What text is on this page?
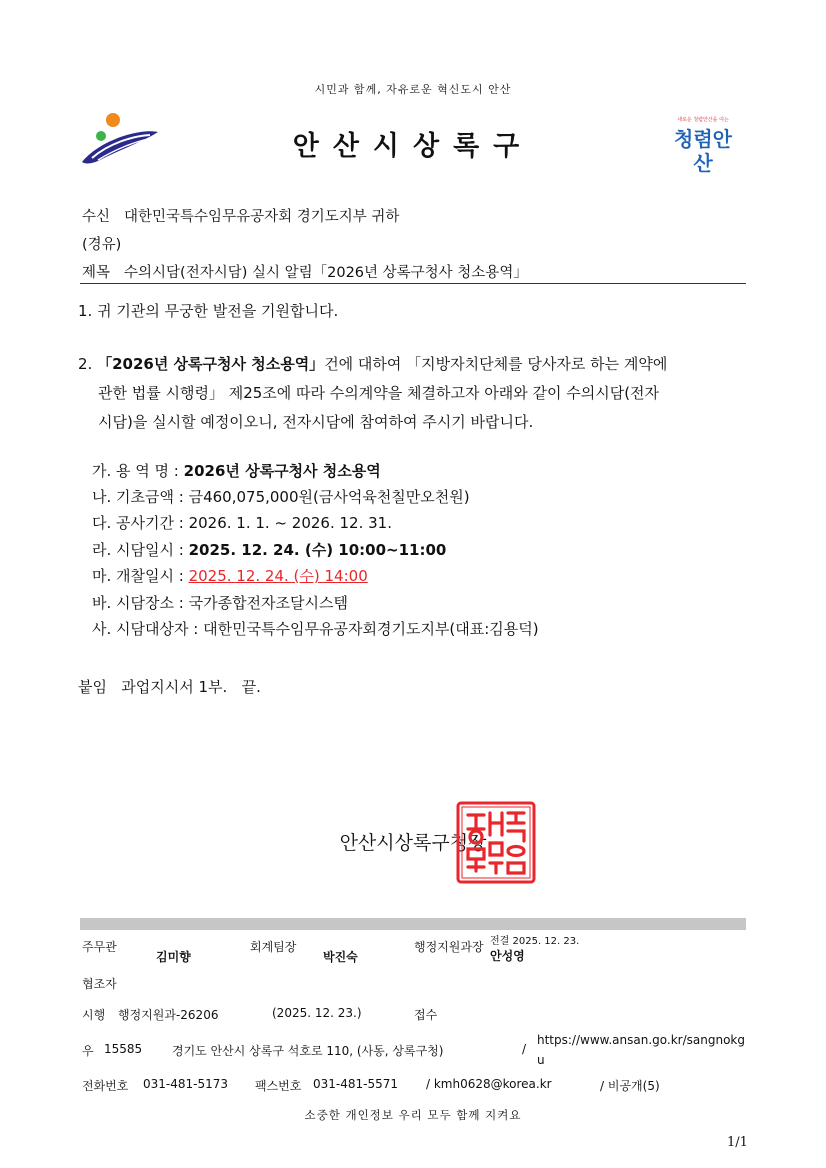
시민과 함께, 자유로운 혁신도시 안산
안산시상록구
새로운 청렴안산을 여는
청렴안산
수신 대한민국특수임무유공자회 경기도지부 귀하
(경유)
제목 수의시담(전자시담) 실시 알림「2026년 상록구청사 청소용역」
1. 귀 기관의 무궁한 발전을 기원합니다.
2. 「2026년 상록구청사 청소용역」건에 대하여 「지방자치단체를 당사자로 하는 계약에
관한 법률 시행령」 제25조에 따라 수의계약을 체결하고자 아래와 같이 수의시담(전자
시담)을 실시할 예정이오니, 전자시담에 참여하여 주시기 바랍니다.
가. 용 역 명 : 2026년 상록구청사 청소용역
나. 기초금액 : 금460,075,000원(금사억육천칠만오천원)
다. 공사기간 : 2026. 1. 1. ~ 2026. 12. 31.
라. 시담일시 : 2025. 12. 24. (수) 10:00~11:00
마. 개찰일시 : 2025. 12. 24. (수) 14:00
바. 시담장소 : 국가종합전자조달시스템
사. 시담대상자 : 대한민국특수임무유공자회경기도지부(대표:김용덕)
붙임   과업지시서 1부.   끝.
안산시상록구청장
주무관
김미향
회계팀장
박진숙
행정지원과장 전결 2025. 12. 23.
안성영
협조자
시행 행정지원과-26206	(2025. 12. 23.)	접수
우 15585 경기도 안산시 상록구 석호로 110, (사동, 상록구청)	/
https://www.ansan.go.kr/sangnokgu
전화번호 031-481-5173 팩스번호 031-481-5571 / kmh0628@korea.kr	/ 비공개(5)
소중한 개인정보 우리 모두 함께 지켜요
1/1
